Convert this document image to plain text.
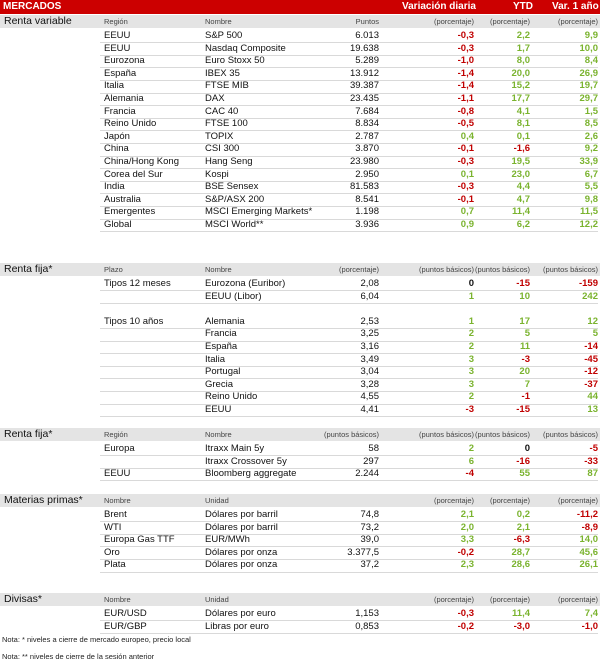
MERCADOS	Variación diaria	YTD Var. 1 año
Renta variable	Región	Nombre	Puntos	(porcentaje)	(porcentaje)	(porcentaje)
EEUU	S&P 500	6.013	-0,3	2,2	9,9
EEUU	Nasdaq Composite	19.638	-0,3	1,7	10,0
Eurozona	Euro Stoxx 50	5.289	-1,0	8,0	8,4
España	IBEX 35	13.912	-1,4	20,0	26,9
Italia	FTSE MIB	39.387	-1,4	15,2	19,7
Alemania	DAX	23.435	-1,1	17,7	29,7
Francia	CAC 40	7.684	-0,8	4,1	1,5
Reino Unido	FTSE 100	8.834	-0,5	8,1	8,5
Japón	TOPIX	2.787	0,4	0,1	2,6
China	CSI 300	3.870	-0,1	-1,6	9,2
China/Hong Kong	Hang Seng	23.980	-0,3	19,5	33,9
Corea del Sur	Kospi	2.950	0,1	23,0	6,7
India	BSE Sensex	81.583	-0,3	4,4	5,5
Australia	S&P/ASX 200	8.541	-0,1	4,7	9,8
Emergentes	MSCI Emerging Markets*	1.198	0,7	11,4	11,5
Global	MSCI World**	3.936	0,9	6,2	12,2
Renta fija*	Plazo	Nombre	(porcentaje)	(puntos básicos) (puntos básicos)	(puntos básicos)
Tipos 12 meses	Eurozona (Euribor)	2,08	0	-15	-159
EEUU (Libor)	6,04	1	10	242
Tipos 10 años	Alemania	2,53	1	17	12
Francia	3,25	2	5	5
España	3,16	2	11	-14
Italia	3,49	3	-3	-45
Portugal	3,04	3	20	-12
Grecia	3,28	3	7	-37
Reino Unido	4,55	2	-1	44
EEUU	4,41	-3	-15	13
Renta fija*	Región	Nombre	(puntos básicos)	(puntos básicos) (puntos básicos)	(puntos básicos)
Europa	Itraxx Main 5y	58	2	0	-5
Itraxx Crossover 5y	297	6	-16	-33
EEUU	Bloomberg aggregate	2.244	-4	55	87
Materias primas*	Nombre	Unidad	(porcentaje)	(porcentaje)	(porcentaje)
Brent	Dólares por barril	74,8	2,1	0,2	-11,2
WTI	Dólares por barril	73,2	2,0	2,1	-8,9
Europa Gas TTF	EUR/MWh	39,0	3,3	-6,3	14,0
Oro	Dólares por onza	3.377,5	-0,2	28,7	45,6
Plata	Dólares por onza	37,2	2,3	28,6	26,1
Divisas*	Nombre	Unidad	(porcentaje)	(porcentaje)	(porcentaje)
EUR/USD	Dólares por euro	1,153	-0,3	11,4	7,4
EUR/GBP	Libras por euro	0,853	-0,2	-3,0	-1,0
Nota: * niveles a cierre de mercado europeo, precio local
Nota: ** niveles de cierre de la sesión anterior
